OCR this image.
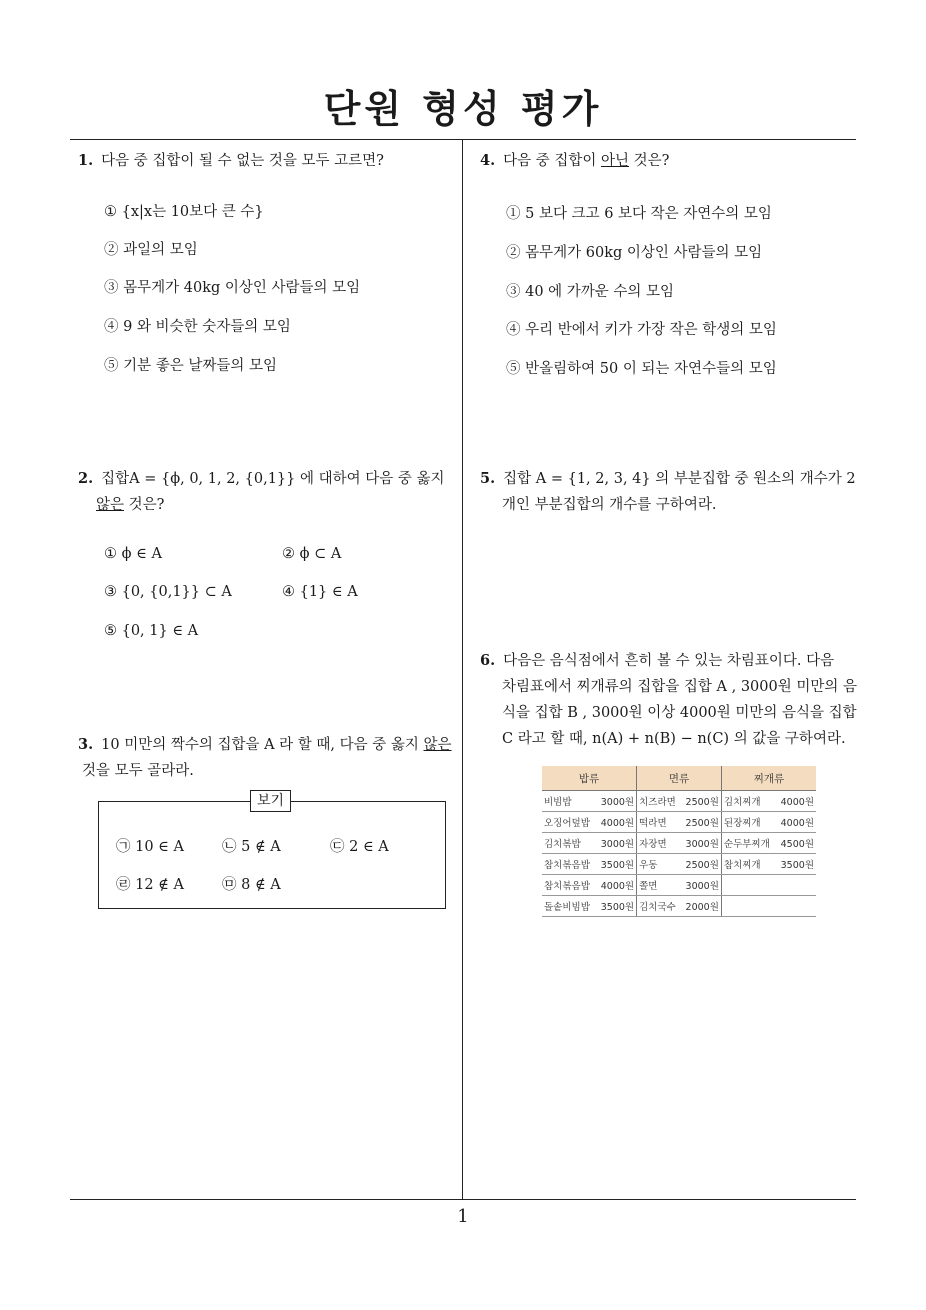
단원 형성 평가
1. 다음 중 집합이 될 수 없는 것을 모두 고르면?
① {x|x는 10보다 큰 수}
② 과일의 모임
③ 몸무게가 40kg 이상인 사람들의 모임
④ 9 와 비슷한 숫자들의 모임
⑤ 기분 좋은 날짜들의 모임
2. 집합A = {ϕ, 0, 1, 2, {0,1}} 에 대하여 다음 중 옳지
않은 것은?
① ϕ ∈ A	② ϕ ⊂ A
③ {0, {0,1}} ⊂ A	④ {1} ∈ A
⑤ {0, 1} ∈ A
3. 10 미만의 짝수의 집합을 A 라 할 때, 다음 중 옳지 않은
것을 모두 골라라.
보기
㉠ 10 ∈ A	㉡ 5 ∉ A	㉢ 2 ∈ A
㉣ 12 ∉ A	㉤ 8 ∉ A
4. 다음 중 집합이 아닌 것은?
① 5 보다 크고 6 보다 작은 자연수의 모임
② 몸무게가 60kg 이상인 사람들의 모임
③ 40 에 가까운 수의 모임
④ 우리 반에서 키가 가장 작은 학생의 모임
⑤ 반올림하여 50 이 되는 자연수들의 모임
5. 집합 A = {1, 2, 3, 4} 의 부분집합 중 원소의 개수가 2
개인 부분집합의 개수를 구하여라.
6. 다음은 음식점에서 흔히 볼 수 있는 차림표이다. 다음
차림표에서 찌개류의 집합을 집합 A , 3000원 미만의 음
식을 집합 B , 3000원 이상 4000원 미만의 음식을 집합
C 라고 할 때, n(A) + n(B) − n(C) 의 값을 구하여라.
밥류	면류	찌개류

비빔밥 3000원	치즈라면 2500원	김치찌개 4000원

오징어덮밥 4000원	떡라면 2500원	된장찌개 4000원

김치볶밥 3000원	자장면 3000원	순두부찌개 4500원

참치볶음밥 3500원	우동 2500원	참치찌개 3500원

참치볶음밥 4000원	쫄면 3000원	

돌솥비빔밥 3500원	김치국수 2000원	

1
